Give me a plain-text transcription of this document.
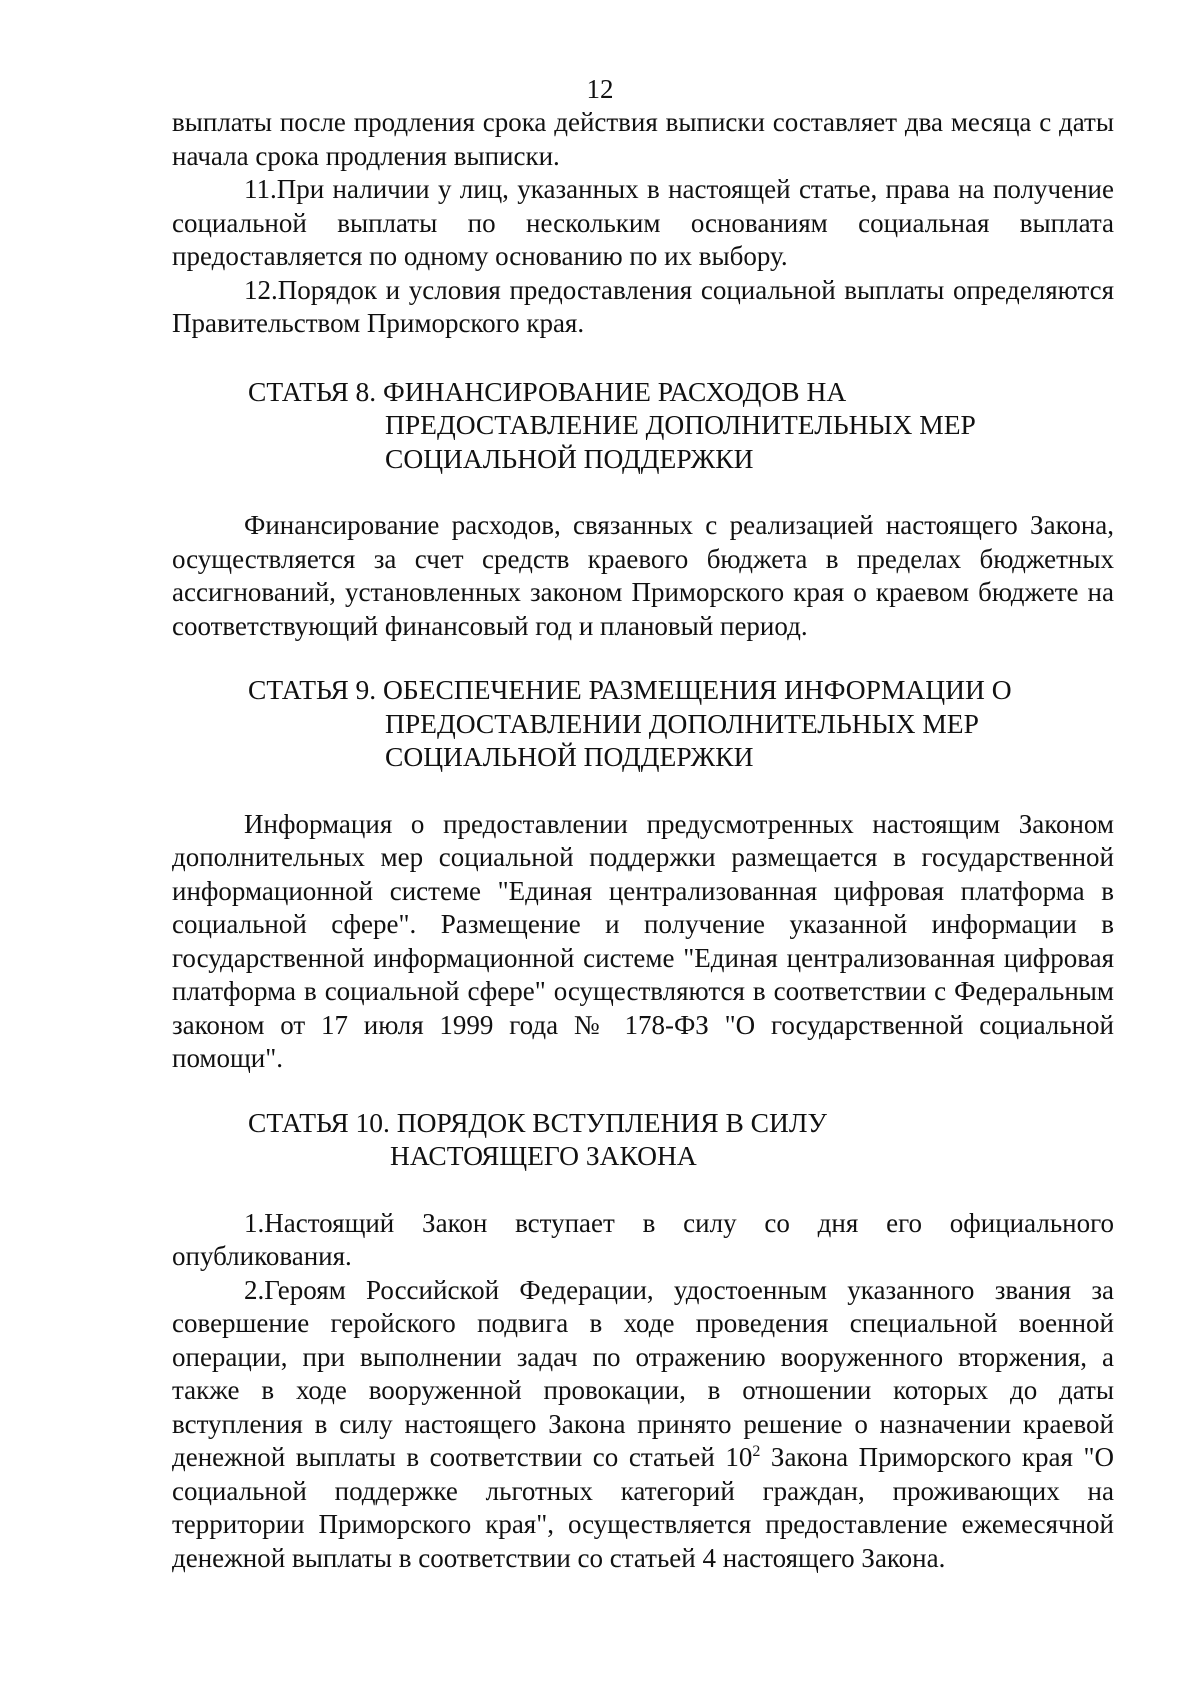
12

выплаты после продления срока действия выписки составляет два месяца с даты начала срока продления выписки.

11.При наличии у лиц, указанных в настоящей статье, права на получение социальной выплаты по нескольким основаниям социальная выплата предоставляется по одному основанию по их выбору.

12.Порядок и условия предоставления социальной выплаты определяются Правительством Приморского края.

СТАТЬЯ 8. ФИНАНСИРОВАНИЕ РАСХОДОВ НА
ПРЕДОСТАВЛЕНИЕ ДОПОЛНИТЕЛЬНЫХ МЕР
СОЦИАЛЬНОЙ ПОДДЕРЖКИ

Финансирование расходов, связанных с реализацией настоящего Закона, осуществляется за счет средств краевого бюджета в пределах бюджетных ассигнований, установленных законом Приморского края о краевом бюджете на соответствующий финансовый год и плановый период.

СТАТЬЯ 9. ОБЕСПЕЧЕНИЕ РАЗМЕЩЕНИЯ ИНФОРМАЦИИ О
ПРЕДОСТАВЛЕНИИ ДОПОЛНИТЕЛЬНЫХ МЕР
СОЦИАЛЬНОЙ ПОДДЕРЖКИ

Информация о предоставлении предусмотренных настоящим Законом дополнительных мер социальной поддержки размещается в государственной информационной системе "Единая централизованная цифровая платформа в социальной сфере". Размещение и получение указанной информации в государственной информационной системе "Единая централизованная цифровая платформа в социальной сфере" осуществляются в соответствии с Федеральным законом от 17 июля 1999 года № 178-ФЗ "О государственной социальной помощи".

СТАТЬЯ 10. ПОРЯДОК ВСТУПЛЕНИЯ В СИЛУ
НАСТОЯЩЕГО ЗАКОНА

1.Настоящий Закон вступает в силу со дня его официального опубликования.

2.Героям Российской Федерации, удостоенным указанного звания за совершение геройского подвига в ходе проведения специальной военной операции, при выполнении задач по отражению вооруженного вторжения, а также в ходе вооруженной провокации, в отношении которых до даты вступления в силу настоящего Закона принято решение о назначении краевой денежной выплаты в соответствии со статьей $10^2$ Закона Приморского края "О социальной поддержке льготных категорий граждан, проживающих на территории Приморского края", осуществляется предоставление ежемесячной денежной выплаты в соответствии со статьей 4 настоящего Закона.
